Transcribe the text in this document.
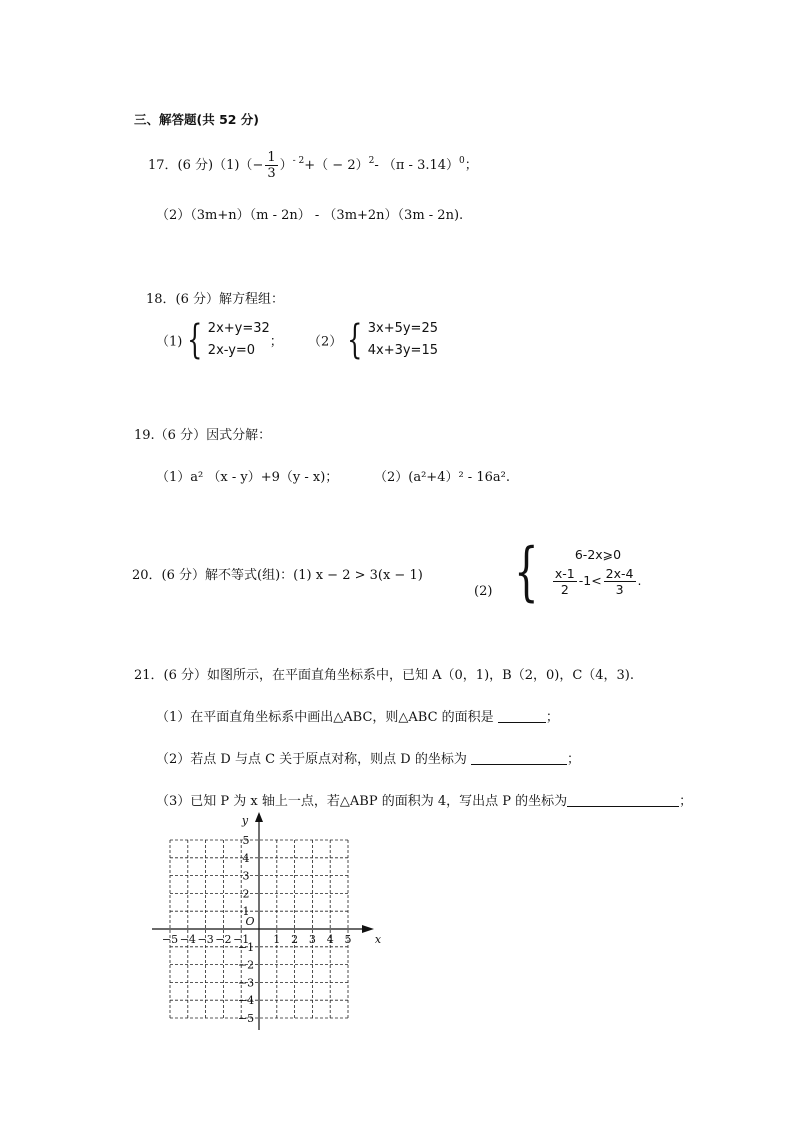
三、解答题(共 52 分)
17．(6 分)$(1)(- \frac{1}{3} )^{- 2}+( - 2)^2-$ （π - 3.14）$^0$；
（2）（3m+n）（m - 2n） - （3m+2n）（3m - 2n).
18．(6 分）解方程组：
（1) { 2x+y=32
2x-y=0； （2） { 3x+5y=25
4x+3y=15
19.（6 分）因式分解：
（1）a² （x - y）+9（y - x)；	（2）(a²+4）² - 16a².
20．(6 分）解不等式(组)：(1) x − 2 > 3(x − 1)
(2) {	6-2x⩾0
$\frac{x-1}{2} -1< \frac{2x-4}{3}$ .
21．(6 分）如图所示，在平面直角坐标系中，已知 A（0，1)，B（2，0)，C（4，3).
（1）在平面直角坐标系中画出△ABC，则△ABC 的面积是	；
（2）若点 D 与点 C 关于原点对称，则点 D 的坐标为	；
（3）已知 P 为 x 轴上一点，若△ABP 的面积为 4，写出点 P 的坐标为	；
x
y
O
−5 −4 −3 −2 −1 1 2 3 4 5
5
4
3
2
1
−1
−2
−3
−4
−5
